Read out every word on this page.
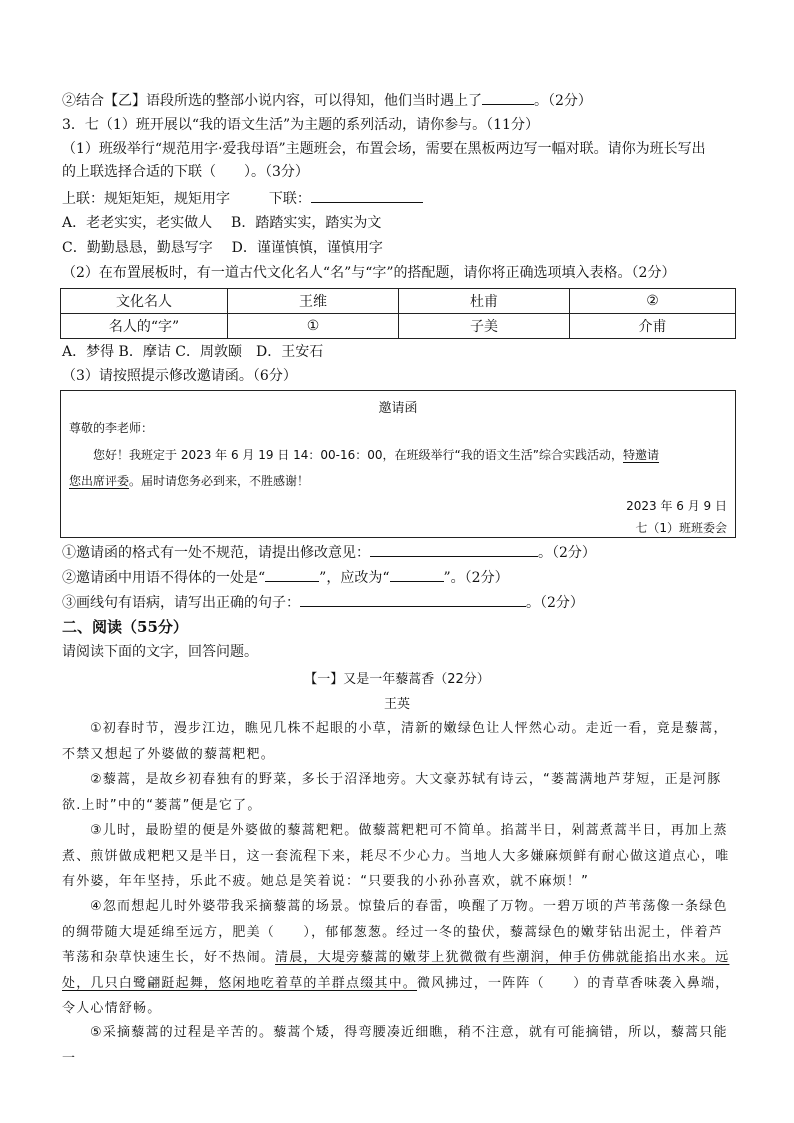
②结合【乙】语段所选的整部小说内容，可以得知，他们当时遇上了	。（2分）
3．七（1）班开展以“我的语文生活”为主题的系列活动，请你参与。（11分）
（1）班级举行“规范用字·爱我母语”主题班会，布置会场，需要在黑板两边写一幅对联。请你为班长写出
的上联选择合适的下联（　　）。（3分）
上联：规矩矩矩，规矩用字	下联：
A．老老实实，老实做人 B．踏踏实实，踏实为文
C．勤勤恳恳，勤恳写字 D．谨谨慎慎，谨慎用字
（2）在布置展板时，有一道古代文化名人“名”与“字”的搭配题，请你将正确选项填入表格。（2分）
文化名人	王维	杜甫	②
名人的“字”	①	子美	介甫
A．梦得 B．摩诘 C．周敦颐　D．王安石
（3）请按照提示修改邀请函。（6分）
邀请函
尊敬的李老师：
您好！我班定于 2023 年 6 月 19 日 14：00-16：00，在班级举行“我的语文生活”综合实践活动，特邀请
您出席评委。届时请您务必到来，不胜感谢！
2023 年 6 月 9 日
七（1）班班委会
①邀请函的格式有一处不规范，请提出修改意见：	。（2分）
②邀请函中用语不得体的一处是“	”，应改为“	”。（2分）
③画线句有语病，请写出正确的句子：	。（2分）
二、阅读（55分）
请阅读下面的文字，回答问题。
【一】又是一年藜蒿香（22分）
王英
①初春时节，漫步江边，瞧见几株不起眼的小草，清新的嫩绿色让人怦然心动。走近一看，竟是藜蒿，不禁又想起了外婆做的藜蒿粑粑。
②藜蒿，是故乡初春独有的野菜，多长于沼泽地旁。大文豪苏轼有诗云，“蒌蒿满地芦芽短，正是河豚欲.上时”中的“蒌蒿”便是它了。
③儿时，最盼望的便是外婆做的藜蒿粑粑。做藜蒿粑粑可不简单。掐蒿半日，剁蒿煮蒿半日，再加上蒸煮、煎饼做成粑粑又是半日，这一套流程下来，耗尽不少心力。当地人大多嫌麻烦鲜有耐心做这道点心，唯有外婆，年年坚持，乐此不疲。她总是笑着说：“只要我的小孙孙喜欢，就不麻烦！”
④忽而想起儿时外婆带我采摘藜蒿的场景。惊蛰后的春雷，唤醒了万物。一碧万顷的芦苇荡像一条绿色的绸带随大堤延绵至远方，肥美（　　），郁郁葱葱。经过一冬的蛰伏，藜蒿绿色的嫩芽钻出泥土，伴着芦苇荡和杂草快速生长，好不热闹。清晨，大堤旁藜蒿的嫩芽上犹微微有些潮润，伸手仿佛就能掐出水来。远处，几只白鹭翩跹起舞，悠闲地吃着草的羊群点缀其中。微风拂过，一阵阵（　　）的青草香味袭入鼻端，令人心情舒畅。
⑤采摘藜蒿的过程是辛苦的。藜蒿个矮，得弯腰凑近细瞧，稍不注意，就有可能摘错，所以，藜蒿只能一
